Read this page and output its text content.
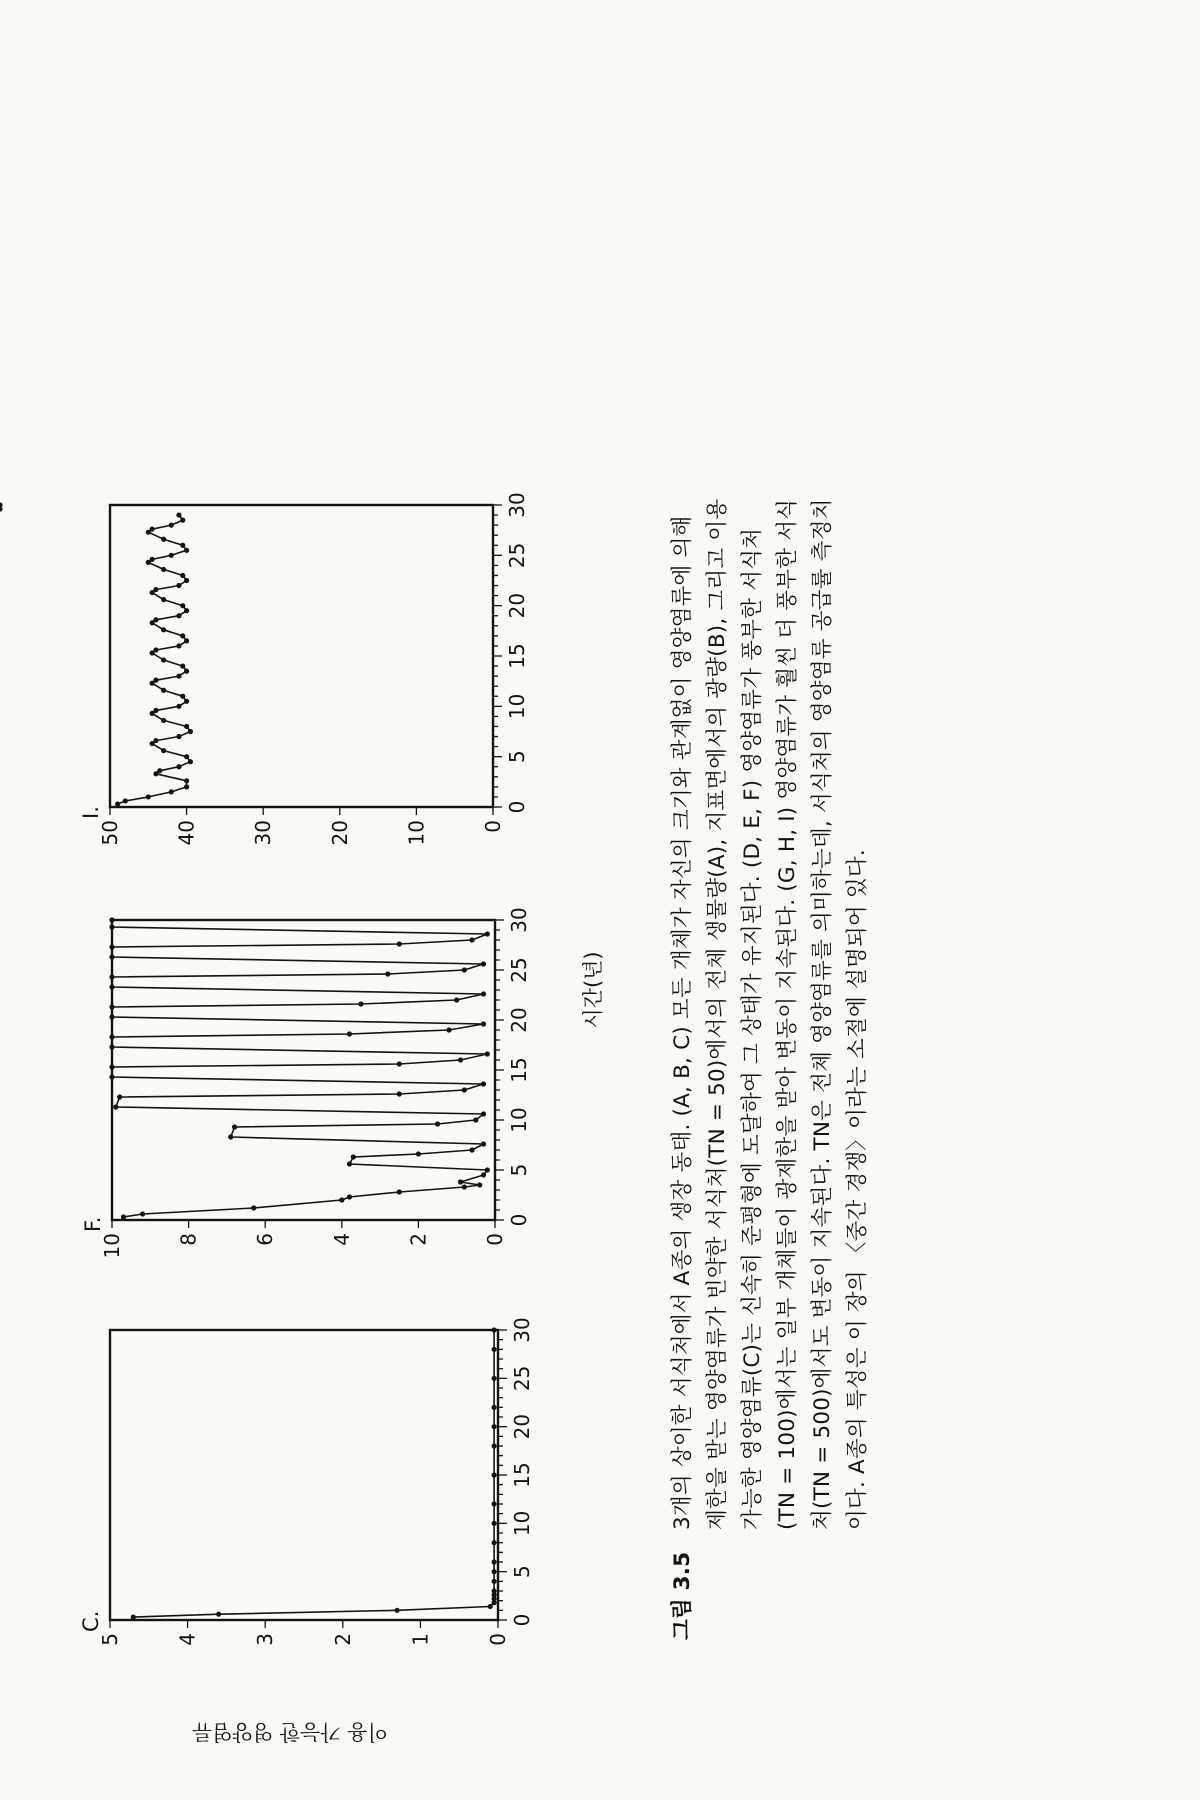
이용 가능한 영양염류
시간(년)
0
5
10
15
20
25
30
0
1
2
3
4
5
C.
0
5
10
15
20
25
30
0
2
4
6
8
10
F.
0
5
10
15
20
25
30
0
10
20
30
40
50
I.
그림 3.5
3개의 상이한 서식처에서 A종의 생장 동태. (A, B, C) 모든 개체가 자신의 크기와 관계없이 영양염류에 의해 제한을 받는 영양염류가 빈약한 서식처(TN = 50)에서의 전체 생물량(A), 지표면에서의 광량(B), 그리고 이용 가능한 영양염류(C)는 신속히 준평형에 도달하여 그 상태가 유지된다. (D, E, F) 영양염류가 풍부한 서식처 (TN = 100)에서는 일부 개체들이 광제한을 받아 변동이 지속된다. (G, H, I) 영양염류가 훨씬 더 풍부한 서식 처(TN = 500)에서도 변동이 지속된다. TN은 전체 영양염류를 의미하는데, 서식처의 영양염류 공급률 측정치 이다. A종의 특성은 이 장의 〈중간 경쟁〉이라는 소절에 설명되어 있다.
